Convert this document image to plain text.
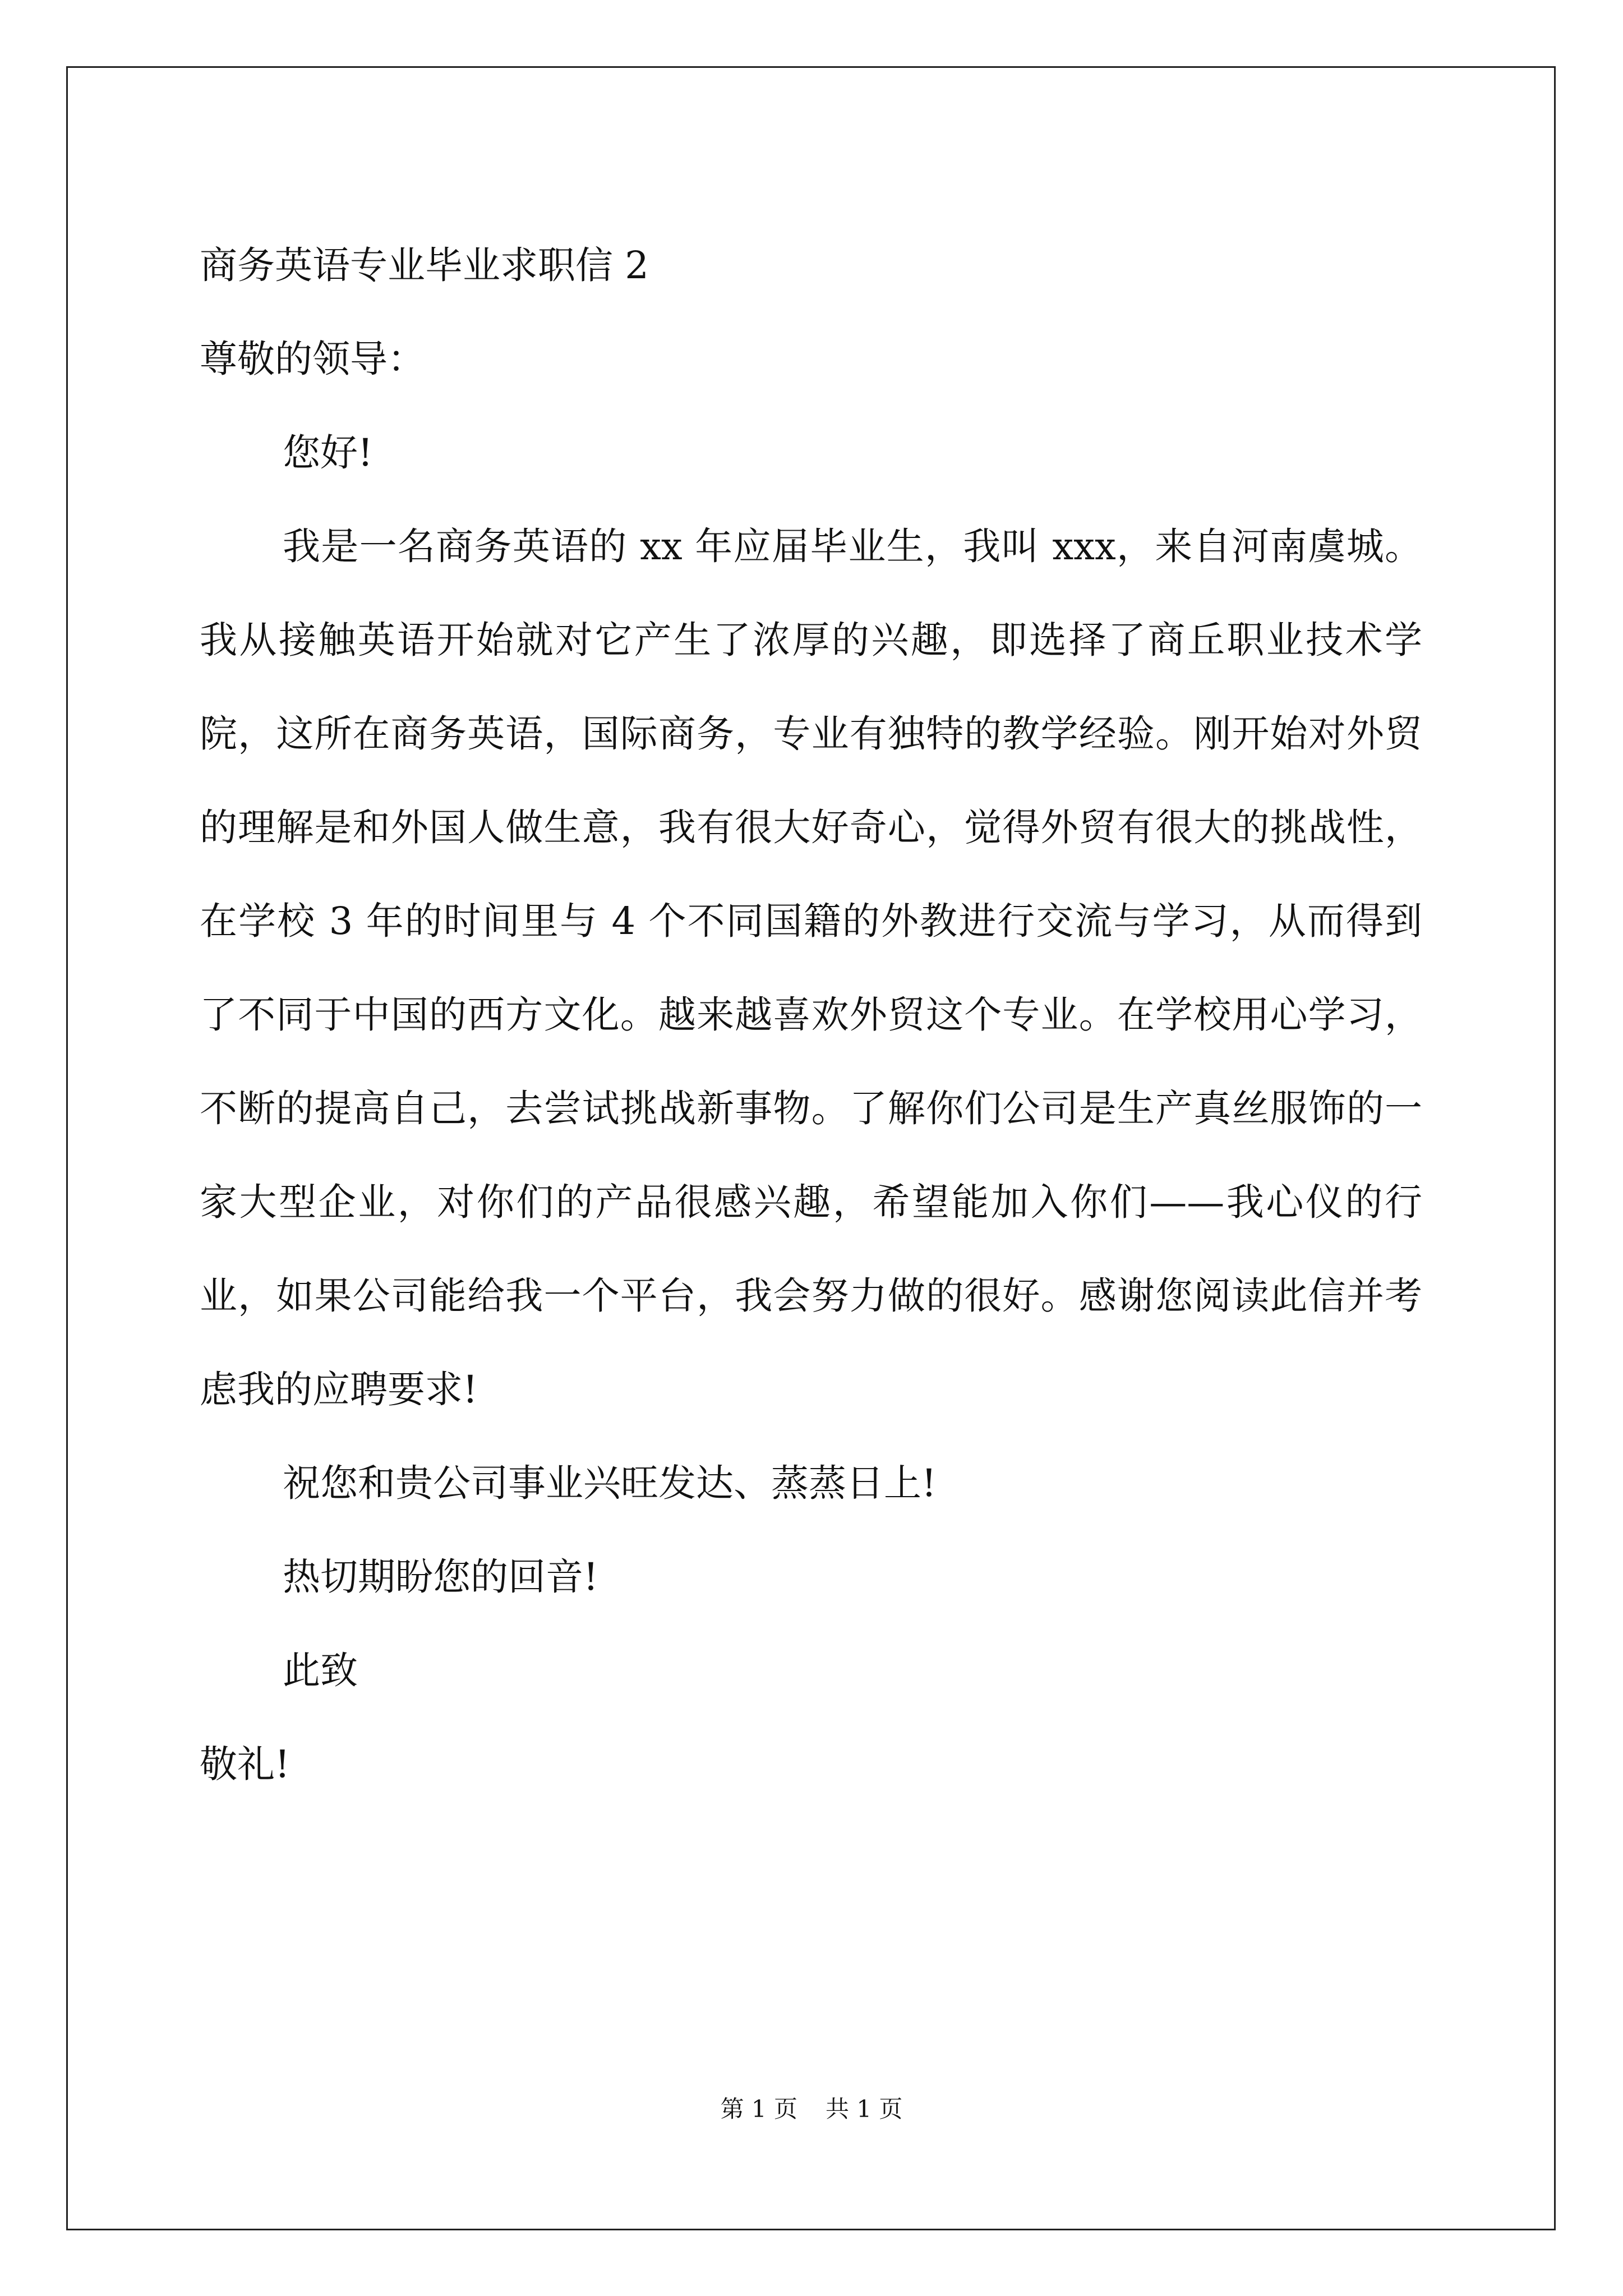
商务英语专业毕业求职信 2

尊敬的领导：

您好!

我是一名商务英语的 xx 年应届毕业生，我叫 xxx，来自河南虞城。我从接触英语开始就对它产生了浓厚的兴趣，即选择了商丘职业技术学院，这所在商务英语，国际商务，专业有独特的教学经验。刚开始对外贸的理解是和外国人做生意，我有很大好奇心，觉得外贸有很大的挑战性，在学校 3 年的时间里与 4 个不同国籍的外教进行交流与学习，从而得到了不同于中国的西方文化。越来越喜欢外贸这个专业。在学校用心学习，不断的提高自己，去尝试挑战新事物。了解你们公司是生产真丝服饰的一家大型企业，对你们的产品很感兴趣，希望能加入你们——我心仪的行业，如果公司能给我一个平台，我会努力做的很好。感谢您阅读此信并考虑我的应聘要求!

祝您和贵公司事业兴旺发达、蒸蒸日上!

热切期盼您的回音!

此致

敬礼!

第 1 页 共 1 页
